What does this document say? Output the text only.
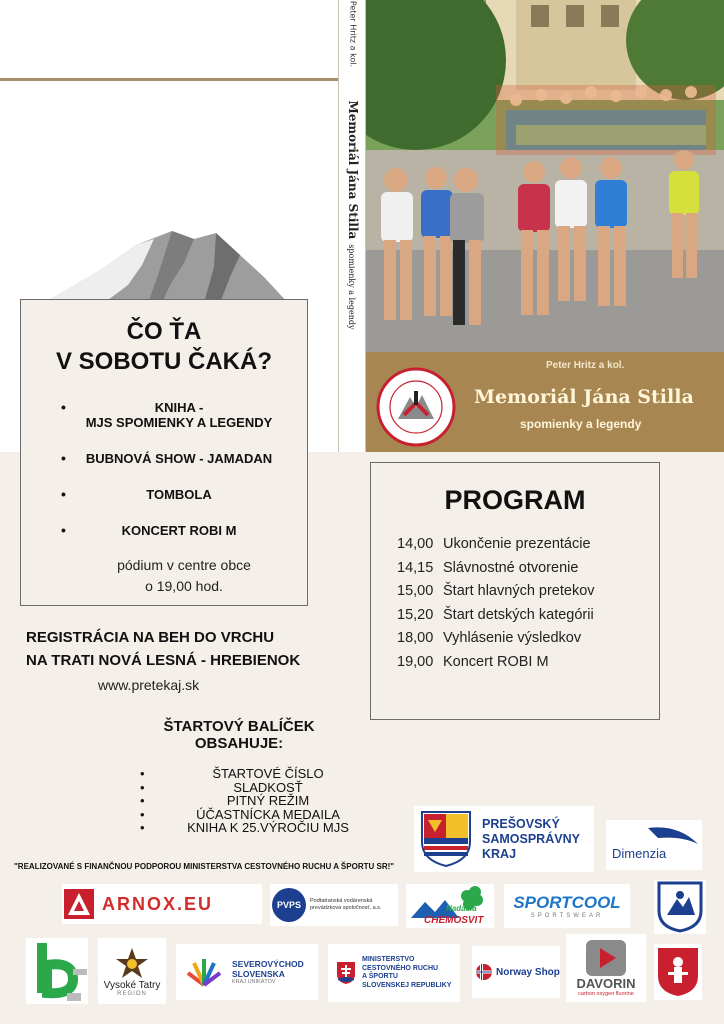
Peter Hritz a kol.
Memoriál Jána Stillaspomienky a legendy
Peter Hritz a kol.
Memoriál Jána Stilla
spomienky a legendy
ČO ŤA
V SOBOTU ČAKÁ?
• KNIHA -
MJS SPOMIENKY A LEGENDY
• BUBNOVÁ SHOW - JAMADAN
• TOMBOLA
• KONCERT ROBI M
pódium v centre obce
o 19,00 hod.
PROGRAM
14,00 Ukončenie prezentácie
14,15 Slávnostné otvorenie
15,00 Štart hlavných pretekov
15,20 Štart detských kategórii
18,00 Vyhlásenie výsledkov
19,00 Koncert ROBI M
REGISTRÁCIA NA BEH DO VRCHU
NA TRATI NOVÁ LESNÁ - HREBIENOK
www.pretekaj.sk
ŠTARTOVÝ BALÍČEK
OBSAHUJE:
• ŠTARTOVÉ ČÍSLO
• SLADKOSŤ
• PITNÝ REŽIM
• ÚČASTNÍCKA MEDAILA
• KNIHA K 25.VÝROČIU MJS
"REALIZOVANÉ S FINANČNOU PODPOROU MINISTERSTVA CESTOVNÉHO RUCHU A ŠPORTU SR!"
PREŠOVSKÝ
SAMOSPRÁVNY
KRAJ	Dimenzia
ARNOX.EU	PVPS	Podtatranská vodárenská
prevádzková spoločnosť, a.s.	Nadácia
CHEMOSVIT
SPORTCOOL
SPORTSWEAR
Vysoké Tatry
REGION
SEVEROVÝCHOD
SLOVENSKA
KRAJ UNIKÁTOV
MINISTERSTVO
CESTOVNÉHO RUCHU
A ŠPORTU
SLOVENSKEJ REPUBLIKY
Norway Shop
DAVORIN
carbon oxygen fluorine
